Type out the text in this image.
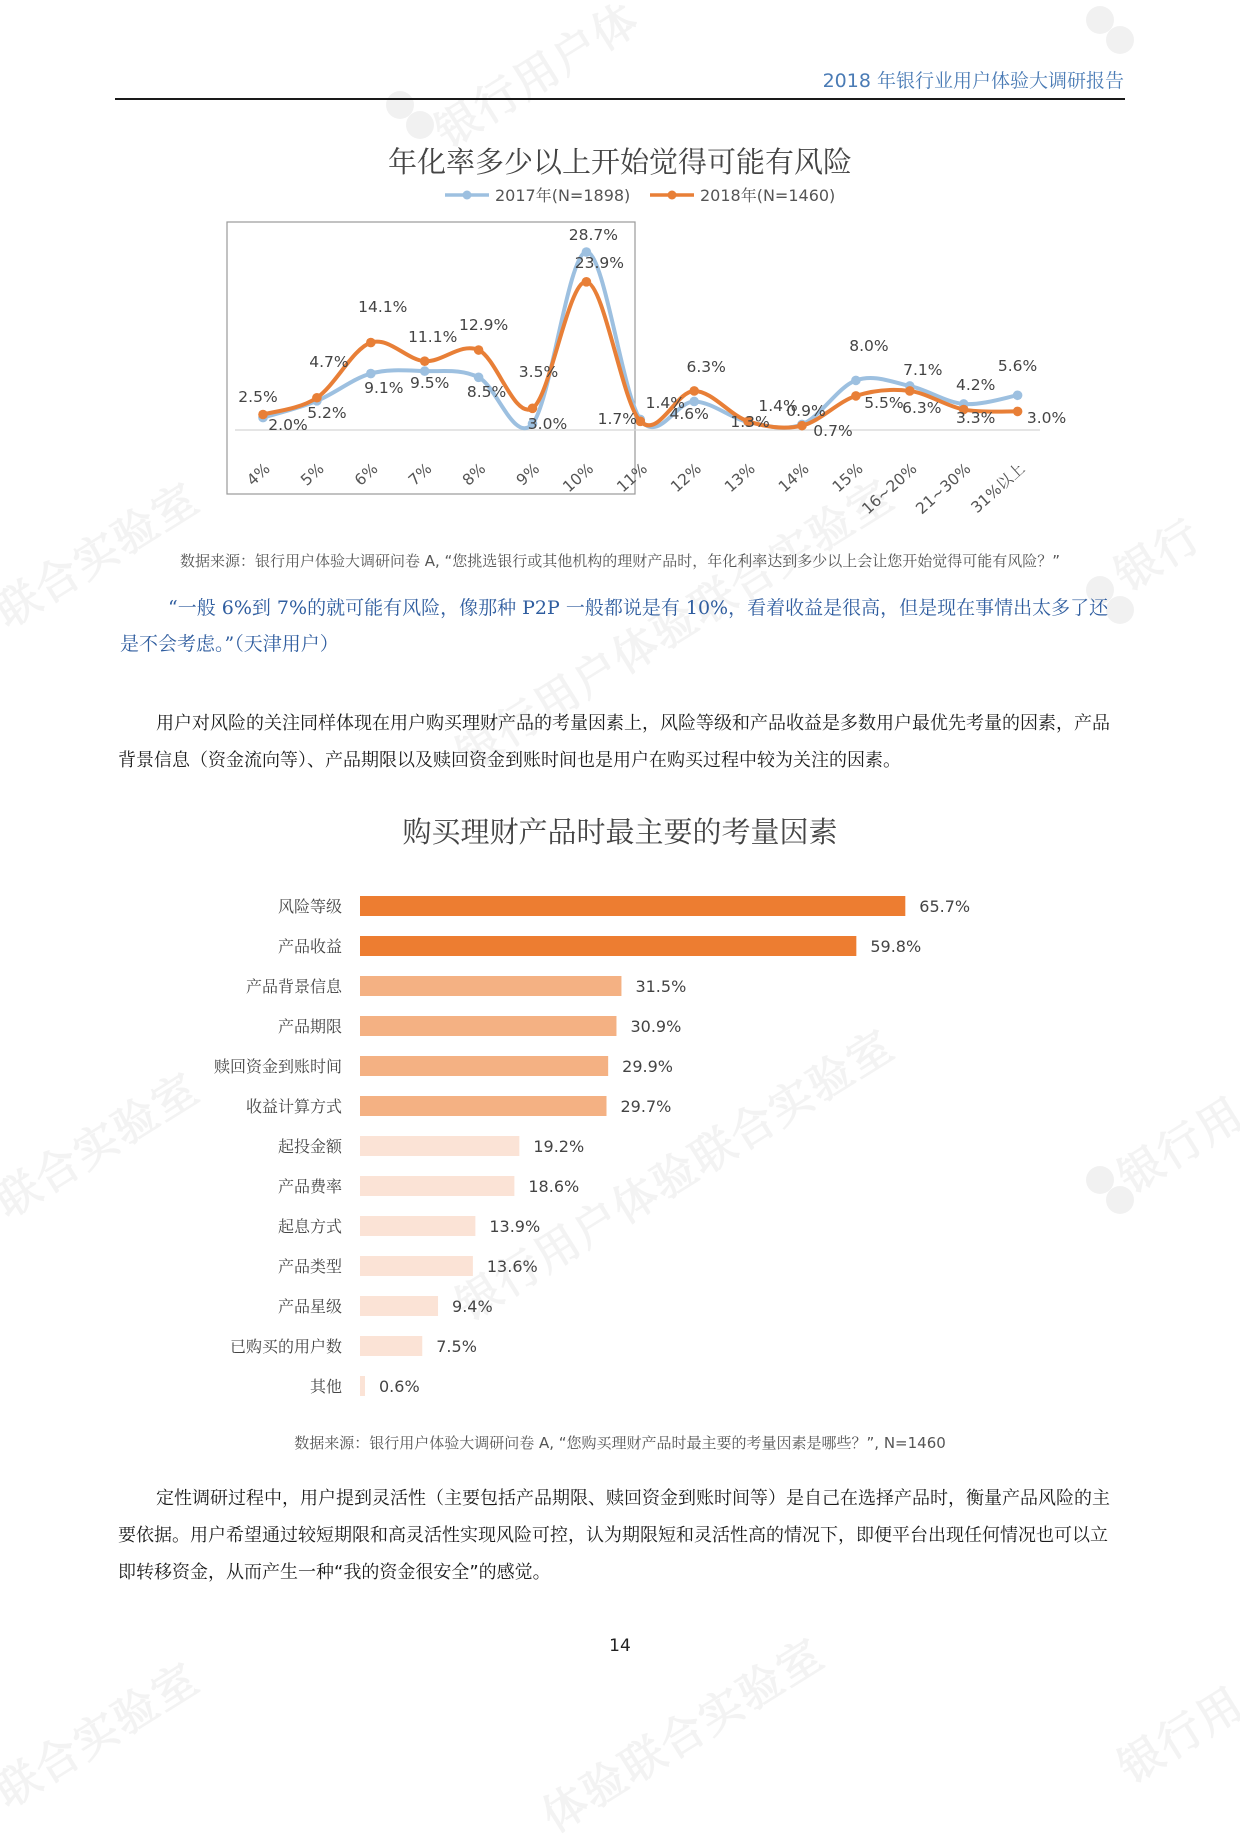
2018 年银行业用户体验大调研报告
年化率多少以上开始觉得可能有风险
2017年(N=1898)	2018年(N=1460)
2.5%
2.0%
4.7%
5.2%
14.1%
9.1%
11.1%
9.5%
12.9%
8.5%
3.5%
3.0%
28.7%
23.9%
1.4%
1.7%
6.3%
4.6% 1.3%
1.4%
0.9%
0.7%
8.0%
5.5%
7.1%
6.3%
4.2%
3.3%
5.6%
3.0%
4% 5% 6% 7% 8% 9% 10% 11% 12% 13% 14% 15%
16~20%
21~30%
31%以上
数据来源：银行用户体验大调研问卷 A, “您挑选银行或其他机构的理财产品时，年化利率达到多少以上会让您开始觉得可能有风险？”
“一般 6%到 7%的就可能有风险，像那种 P2P 一般都说是有 10%，看着收益是很高，但是现在事情出太多了还是不会考虑。”（天津用户）
用户对风险的关注同样体现在用户购买理财产品的考量因素上，风险等级和产品收益是多数用户最优先考量的因素，产品背景信息（资金流向等）、产品期限以及赎回资金到账时间也是用户在购买过程中较为关注的因素。
购买理财产品时最主要的考量因素
风险等级	65.7%
产品收益	59.8%
产品背景信息	31.5%
产品期限	30.9%
赎回资金到账时间	29.9%
收益计算方式	29.7%
起投金额	19.2%
产品费率	18.6%
起息方式	13.9%
产品类型	13.6%
产品星级	9.4%
已购买的用户数	7.5%
其他 0.6%
数据来源：银行用户体验大调研问卷 A, “您购买理财产品时最主要的考量因素是哪些？”, N=1460
定性调研过程中，用户提到灵活性（主要包括产品期限、赎回资金到账时间等）是自己在选择产品时，衡量产品风险的主要依据。用户希望通过较短期限和高灵活性实现风险可控，认为期限短和灵活性高的情况下，即便平台出现任何情况也可以立即转移资金，从而产生一种“我的资金很安全”的感觉。
14
